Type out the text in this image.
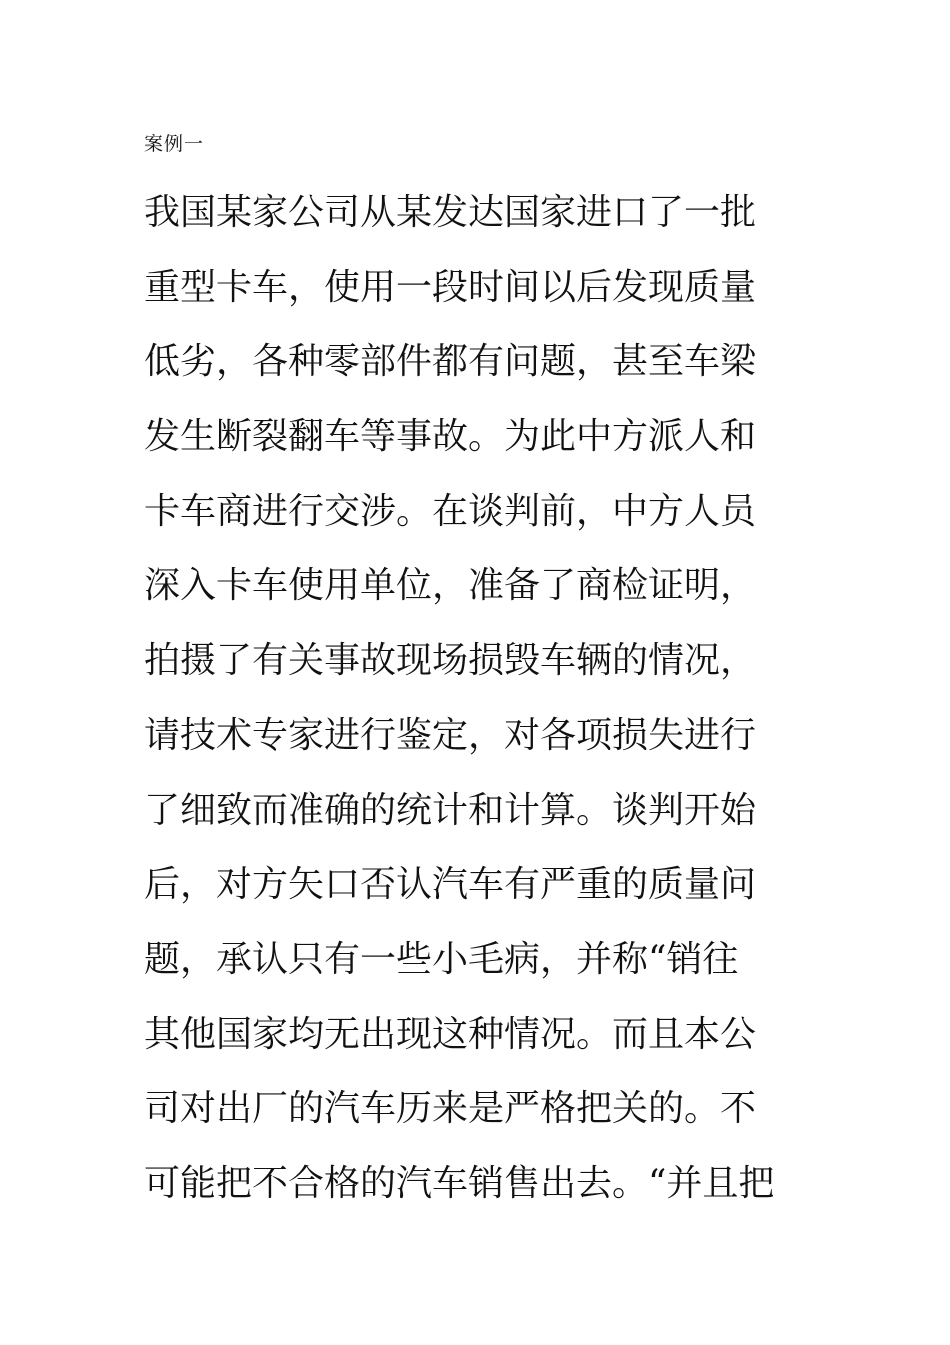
案例一
我国某家公司从某发达国家进口了一批
重型卡车，使用一段时间以后发现质量
低劣，各种零部件都有问题，甚至车梁
发生断裂翻车等事故。为此中方派人和
卡车商进行交涉。在谈判前，中方人员
深入卡车使用单位，准备了商检证明，
拍摄了有关事故现场损毁车辆的情况，
请技术专家进行鉴定，对各项损失进行
了细致而准确的统计和计算。谈判开始
后，对方矢口否认汽车有严重的质量问
题，承认只有一些小毛病，并称“销往
其他国家均无出现这种情况。而且本公
司对出厂的汽车历来是严格把关的。不
可能把不合格的汽车销售出去。“并且把
